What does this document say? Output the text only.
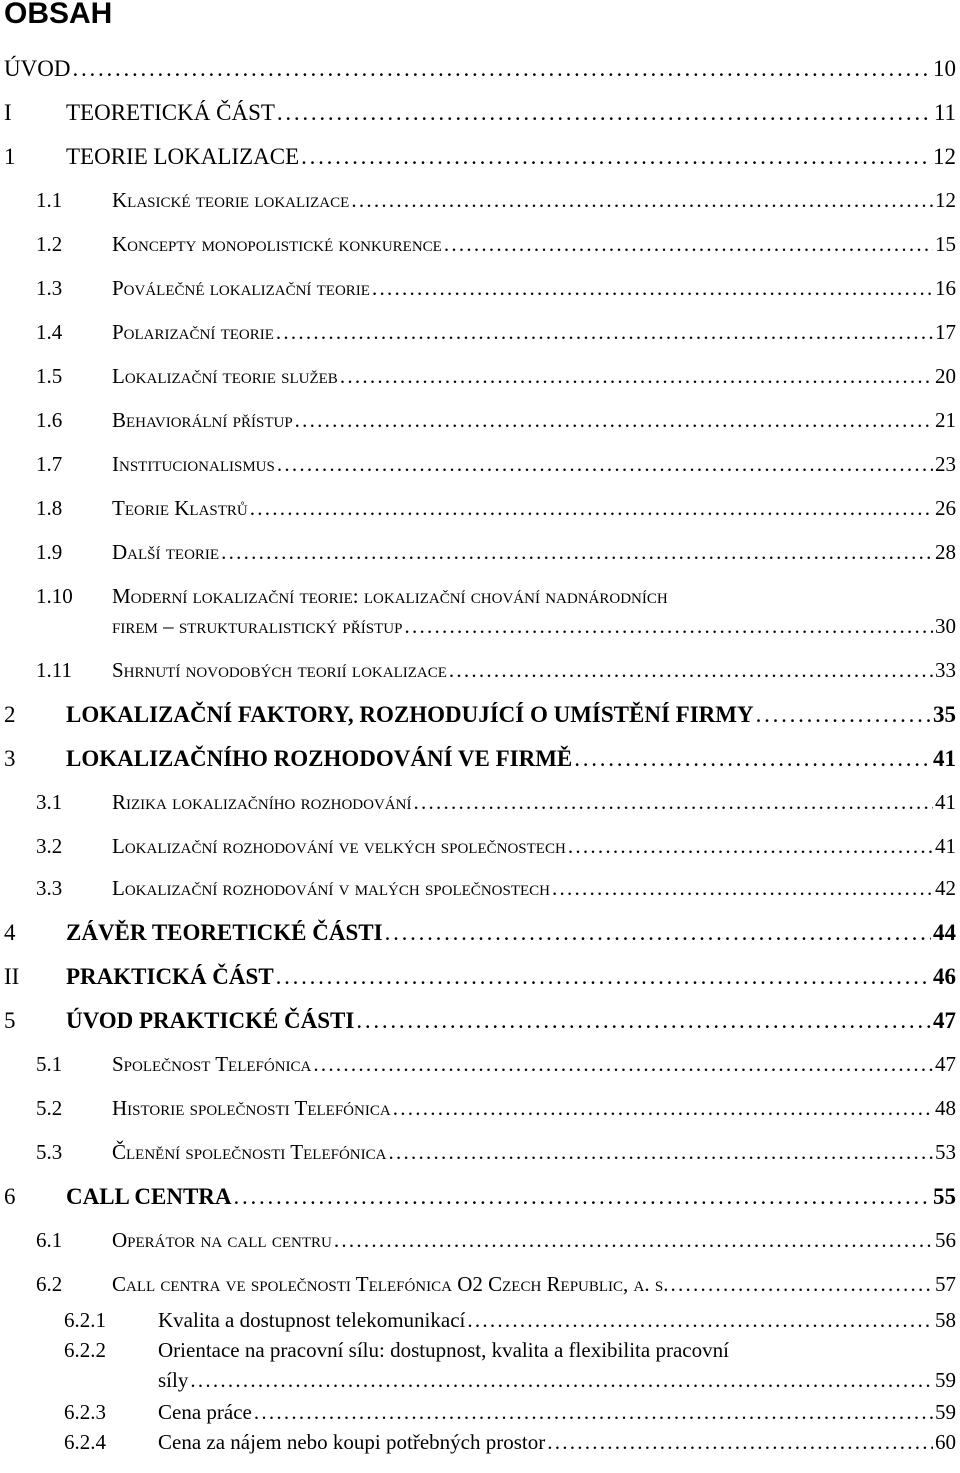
OBSAH
ÚVOD . . .	10
I	TEORETICKÁ ČÁST . . .	11
1	TEORIE LOKALIZACE . . .	12
1.1	Klasické teorie lokalizace . . .	12
1.2	Koncepty monopolistické konkurence . . .	15
1.3	Poválečné lokalizační teorie . . .	16
1.4	Polarizační teorie . . .	17
1.5	Lokalizační teorie služeb . . .	20
1.6	Behaviorální přístup . . .	21
1.7	Institucionalismus . . .	23
1.8	Teorie Klastrů . . .	26
1.9	Další teorie . . .	28
1.10	Moderní lokalizační teorie: lokalizační chování nadnárodních
firem – strukturalistický přístup . . .	30
1.11	Shrnutí novodobých teorií lokalizace . . .	33
2	LOKALIZAČNÍ FAKTORY, ROZHODUJÍCÍ O UMÍSTĚNÍ FIRMY . . .	35
3	LOKALIZAČNÍHO ROZHODOVÁNÍ VE FIRMĚ . . .	41
3.1	Rizika lokalizačního rozhodování . . .	41
3.2	Lokalizační rozhodování ve velkých společnostech . . .	41
3.3	Lokalizační rozhodování v malých společnostech . . .	42
4	ZÁVĚR TEORETICKÉ ČÁSTI . . .	44
II	PRAKTICKÁ ČÁST . . .	46
5	ÚVOD PRAKTICKÉ ČÁSTI . . .	47
5.1	Společnost Telefónica . . .	47
5.2	Historie společnosti Telefónica . . .	48
5.3	Členění společnosti Telefónica . . .	53
6	CALL CENTRA . . .	55
6.1	Operátor na call centru . . .	56
6.2	Call centra ve společnosti Telefónica O2 Czech Republic, a. s. . . .	57
6.2.1	Kvalita a dostupnost telekomunikací . . .	58
6.2.2	Orientace na pracovní sílu: dostupnost, kvalita a flexibilita pracovní
síly . . .	59
6.2.3	Cena práce . . .	59
6.2.4	Cena za nájem nebo koupi potřebných prostor . . .	60
